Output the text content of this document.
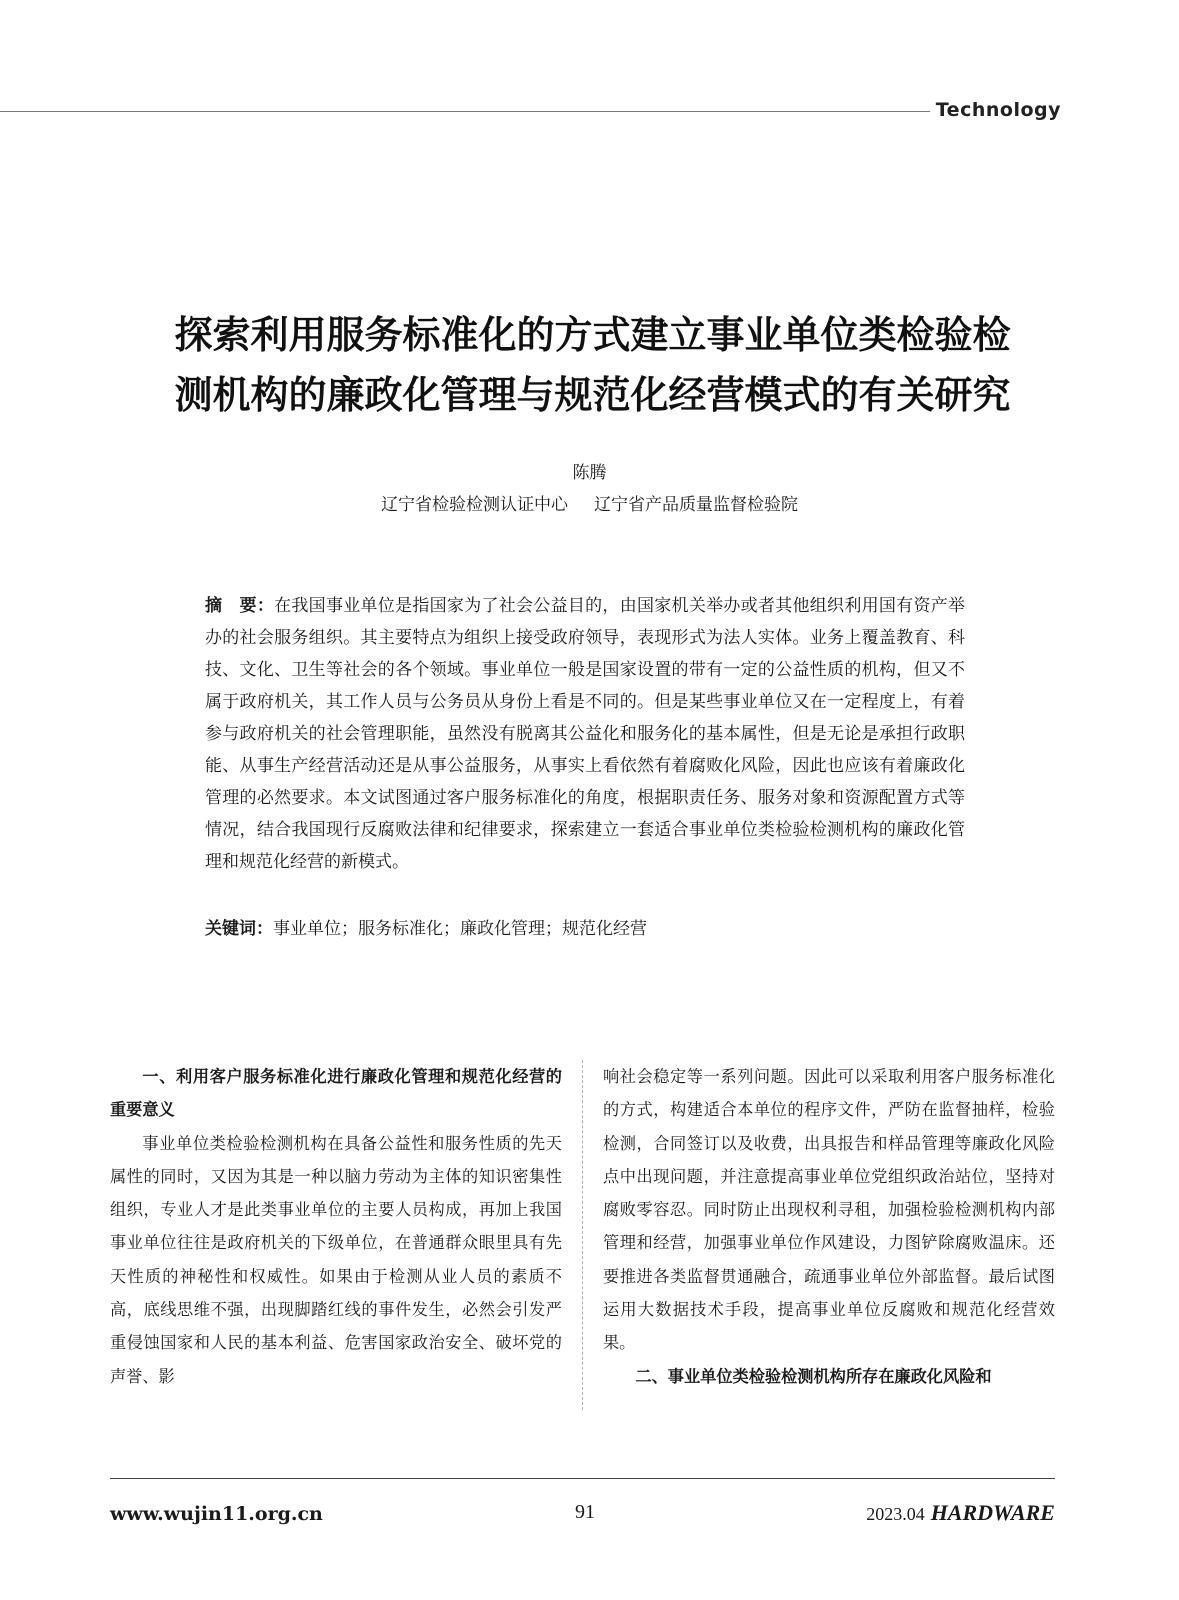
Technology
探索利用服务标准化的方式建立事业单位类检验检
测机构的廉政化管理与规范化经营模式的有关研究
陈腾
辽宁省检验检测认证中心 辽宁省产品质量监督检验院

摘　要：在我国事业单位是指国家为了社会公益目的，由国家机关举办或者其他组织利用国有资产举办的社会服务组织。其主要特点为组织上接受政府领导，表现形式为法人实体。业务上覆盖教育、科技、文化、卫生等社会的各个领域。事业单位一般是国家设置的带有一定的公益性质的机构，但又不属于政府机关，其工作人员与公务员从身份上看是不同的。但是某些事业单位又在一定程度上，有着参与政府机关的社会管理职能，虽然没有脱离其公益化和服务化的基本属性，但是无论是承担行政职能、从事生产经营活动还是从事公益服务，从事实上看依然有着腐败化风险，因此也应该有着廉政化管理的必然要求。本文试图通过客户服务标准化的角度，根据职责任务、服务对象和资源配置方式等情况，结合我国现行反腐败法律和纪律要求，探索建立一套适合事业单位类检验检测机构的廉政化管理和规范化经营的新模式。

关键词：事业单位；服务标准化；廉政化管理；规范化经营

一、利用客户服务标准化进行廉政化管理和规范化经营的重要意义

事业单位类检验检测机构在具备公益性和服务性质的先天属性的同时，又因为其是一种以脑力劳动为主体的知识密集性组织，专业人才是此类事业单位的主要人员构成，再加上我国事业单位往往是政府机关的下级单位，在普通群众眼里具有先天性质的神秘性和权威性。如果由于检测从业人员的素质不高，底线思维不强，出现脚踏红线的事件发生，必然会引发严重侵蚀国家和人民的基本利益、危害国家政治安全、破坏党的声誉、影

响社会稳定等一系列问题。因此可以采取利用客户服务标准化的方式，构建适合本单位的程序文件，严防在监督抽样，检验检测，合同签订以及收费，出具报告和样品管理等廉政化风险点中出现问题，并注意提高事业单位党组织政治站位，坚持对腐败零容忍。同时防止出现权利寻租，加强检验检测机构内部管理和经营，加强事业单位作风建设，力图铲除腐败温床。还要推进各类监督贯通融合，疏通事业单位外部监督。最后试图运用大数据技术手段，提高事业单位反腐败和规范化经营效果。

二、事业单位类检验检测机构所存在廉政化风险和

www.wujin11.org.cn	91	2023.04 HARDWARE
